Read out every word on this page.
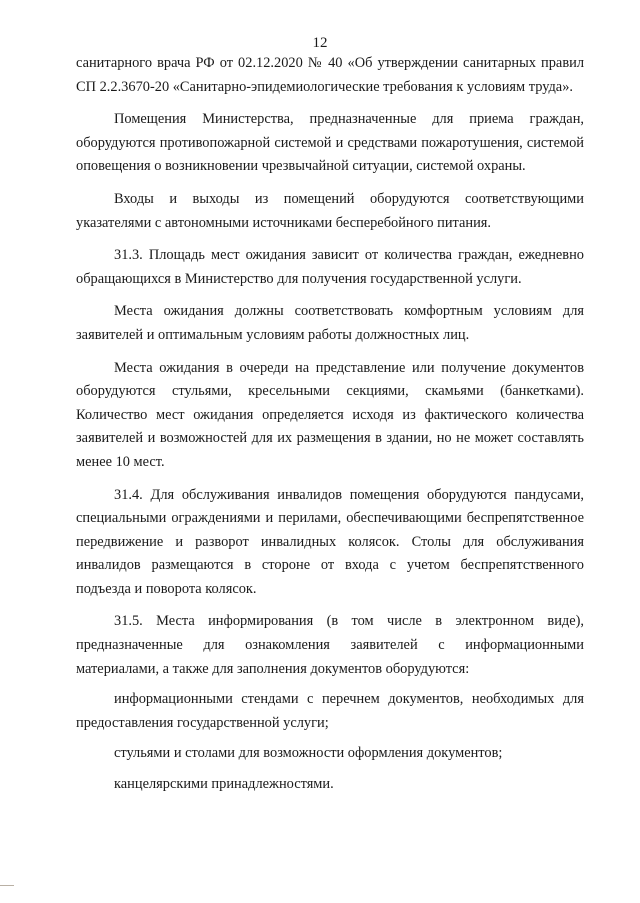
12

санитарного врача РФ от 02.12.2020 № 40 «Об утверждении санитарных правил СП 2.2.3670-20 «Санитарно-эпидемиологические требования к условиям труда».

Помещения Министерства, предназначенные для приема граждан, оборудуются противопожарной системой и средствами пожаротушения, системой оповещения о возникновении чрезвычайной ситуации, системой охраны.

Входы и выходы из помещений оборудуются соответствующими указателями с автономными источниками бесперебойного питания.

31.3. Площадь мест ожидания зависит от количества граждан, ежедневно обращающихся в Министерство для получения государственной услуги.

Места ожидания должны соответствовать комфортным условиям для заявителей и оптимальным условиям работы должностных лиц.

Места ожидания в очереди на представление или получение документов оборудуются стульями, кресельными секциями, скамьями (банкетками). Количество мест ожидания определяется исходя из фактического количества заявителей и возможностей для их размещения в здании, но не может составлять менее 10 мест.

31.4. Для обслуживания инвалидов помещения оборудуются пандусами, специальными ограждениями и перилами, обеспечивающими беспрепятственное передвижение и разворот инвалидных колясок. Столы для обслуживания инвалидов размещаются в стороне от входа с учетом беспрепятственного подъезда и поворота колясок.

31.5. Места информирования (в том числе в электронном виде), предназначенные для ознакомления заявителей с информационными материалами, а также для заполнения документов оборудуются:

информационными стендами с перечнем документов, необходимых для предоставления государственной услуги;

стульями и столами для возможности оформления документов;

канцелярскими принадлежностями.
